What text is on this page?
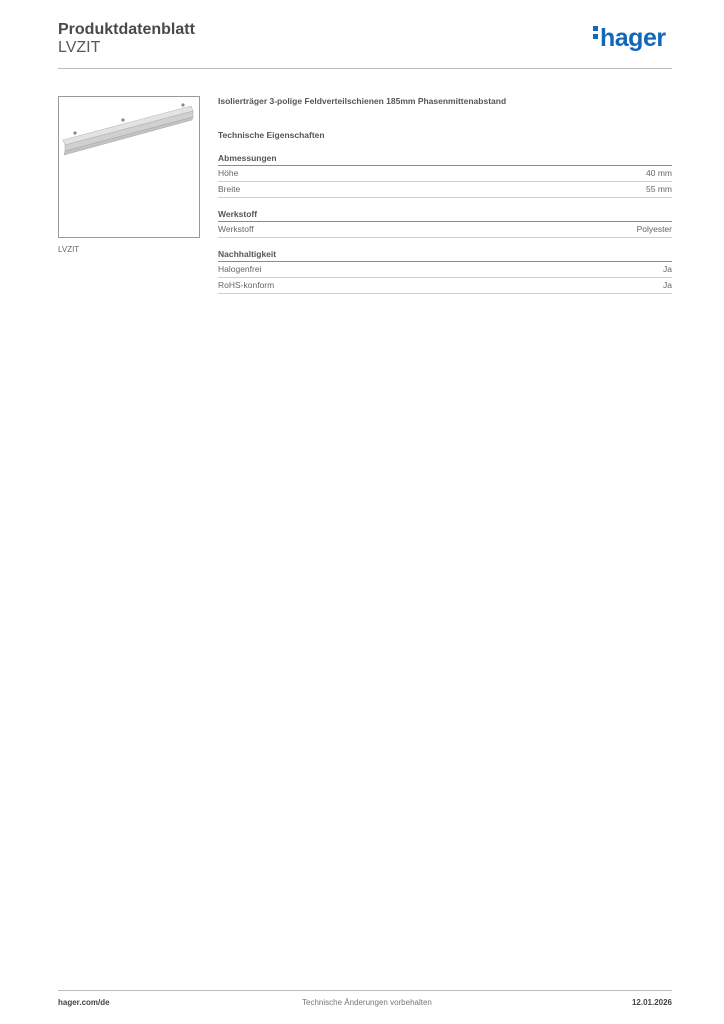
Produktdatenblatt
LVZIT	hager
LVZIT
Isolierträger 3-polige Feldverteilschienen 185mm Phasenmittenabstand
Technische Eigenschaften
Abmessungen
Höhe	40 mm
Breite	55 mm
Werkstoff
Werkstoff	Polyester
Nachhaltigkeit
Halogenfrei	Ja
RoHS-konform	Ja
hager.com/de	Technische Änderungen vorbehalten	12.01.2026
